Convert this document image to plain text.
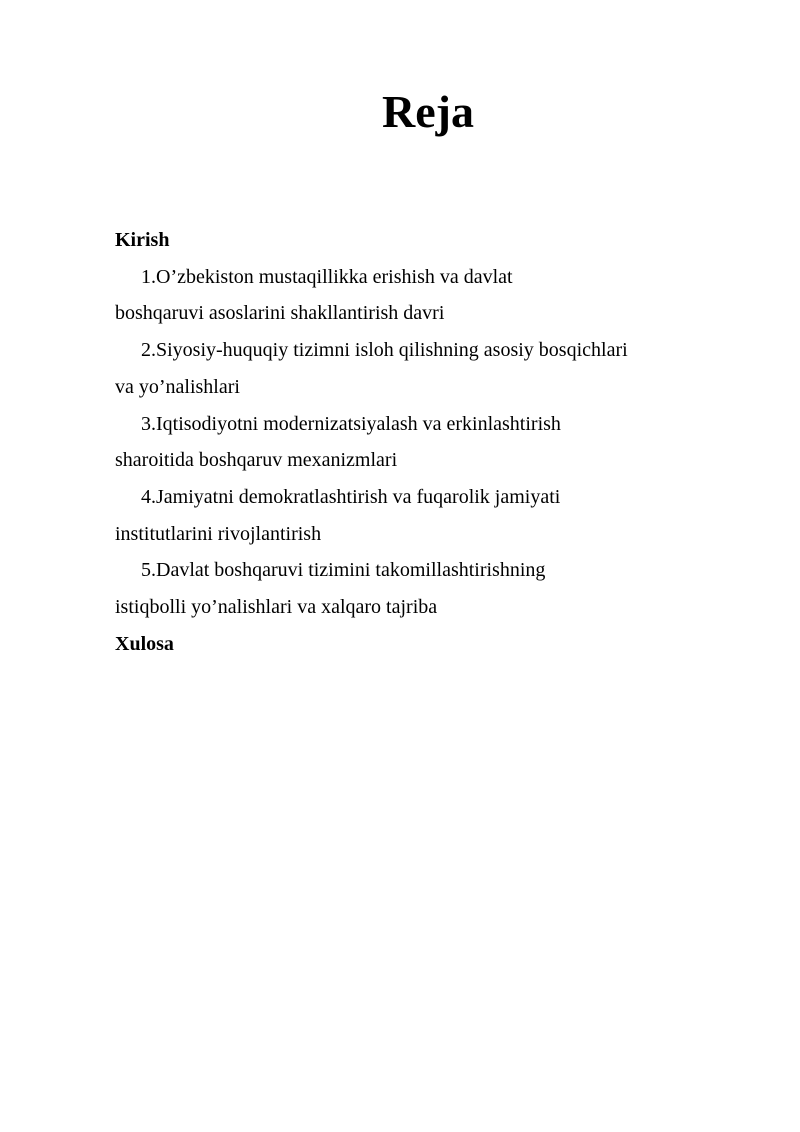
Reja
Kirish
1.O’zbekiston mustaqillikka erishish va davlat
boshqaruvi asoslarini shakllantirish davri
2.Siyosiy-huquqiy tizimni isloh qilishning asosiy bosqichlari
va yo’nalishlari
3.Iqtisodiyotni modernizatsiyalash va erkinlashtirish
sharoitida boshqaruv mexanizmlari
4.Jamiyatni demokratlashtirish va fuqarolik jamiyati
institutlarini rivojlantirish
5.Davlat boshqaruvi tizimini takomillashtirishning
istiqbolli yo’nalishlari va xalqaro tajriba
Xulosa
